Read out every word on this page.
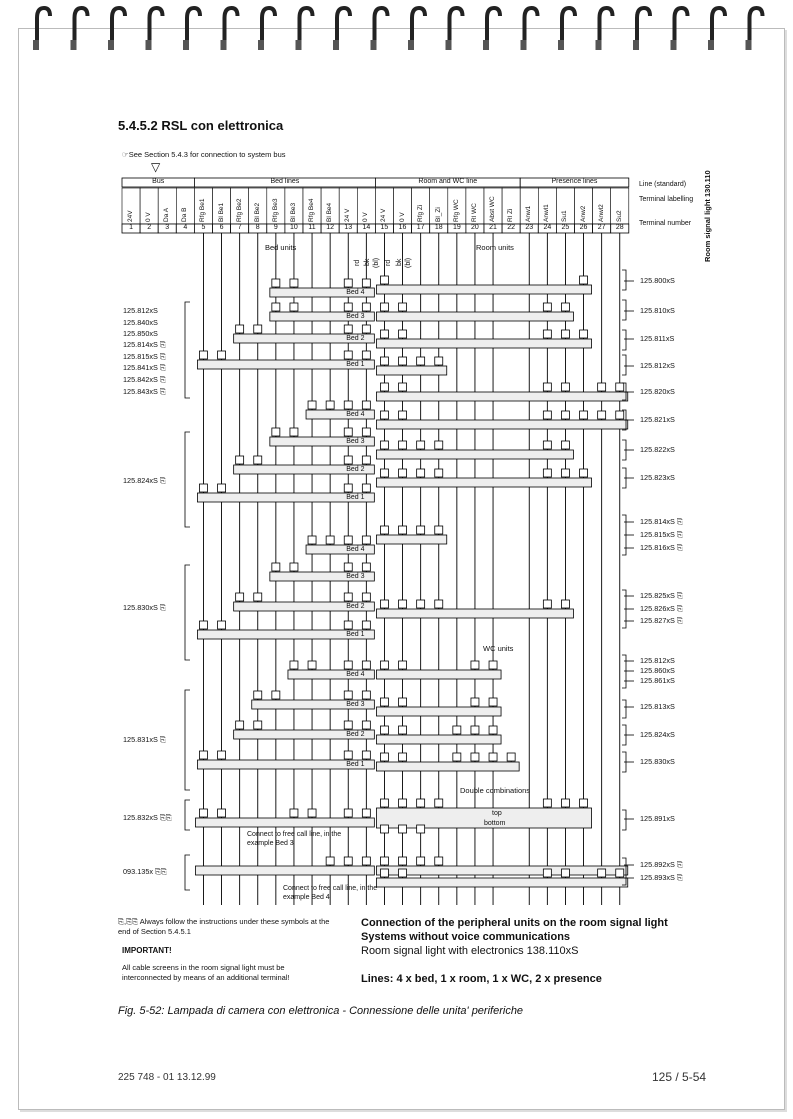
5.4.5.2 RSL con elettronica
☞See Section 5.4.3 for connection to system bus
▽
Room signal light 130.110
Bus	Bed lines	Room and WC line	Presence lines
24V
1
0 V
2
Da A
3
Da B
4
Rfg Be1
5
Bl Be1
6
Rfg Be2
7
Bl Be2
8
Rfg Be3
9
Bl Be3
10
Rfg Be4
11
Bl Be4
12
24 V
13
0 V
14
24 V
15
0 V
16
Rfg Zi
17
Bl_Zi
18
Rfg WC
19
Rl WC
20
Abst WC
21
Rl Zi
22
Anw1
23
Anwl1
24
Su1
25
Anw2
26
Anwl2
27
Su2
28
Bed 4
Bed 3
Bed 2
Bed 1
Bed 4
Bed 3
Bed 2
Bed 1
Bed 4
Bed 3
Bed 2
Bed 1
Bed 4
Bed 3
Bed 2
Bed 1
Line (standard)
Terminal labelling
Terminal number
Bed units	Room units
WC units
Double combinations
top
bottom
rd bk (bl) rd bk (bl)
Connect to free call line, in the example Bed 3
Connect to free call line, in the example Bed 4
125.812xS
125.840xS
125.850xS
125.814xS ⎘
125.815xS ⎘
125.841xS ⎘
125.842xS ⎘
125.843xS ⎘
125.824xS ⎘
125.830xS ⎘
125.831xS ⎘
125.832xS ⎘⎘
093.135x ⎘⎘
125.800xS
125.810xS
125.811xS
125.812xS
125.820xS
125.821xS
125.822xS
125.823xS
125.814xS ⎘
125.815xS ⎘
125.816xS ⎘
125.825xS ⎘
125.826xS ⎘
125.827xS ⎘
125.812xS
125.860xS
125.861xS
125.813xS
125.824xS
125.830xS
125.891xS
125.892xS ⎘
125.893xS ⎘
⎘,⎘⎘ Always follow the instructions under these symbols at the end of Section 5.4.5.1
IMPORTANT!
All cable screens in the room signal light must be interconnected by means of an additional terminal!
Connection of the peripheral units on the room signal light
Systems without voice communications
Room signal light with electronics 138.110xS
Lines: 4 x bed, 1 x room, 1 x WC, 2 x presence
Fig. 5-52: Lampada di camera con elettronica - Connessione delle unita' periferiche
225 748 - 01 13.12.99	125 / 5-54
